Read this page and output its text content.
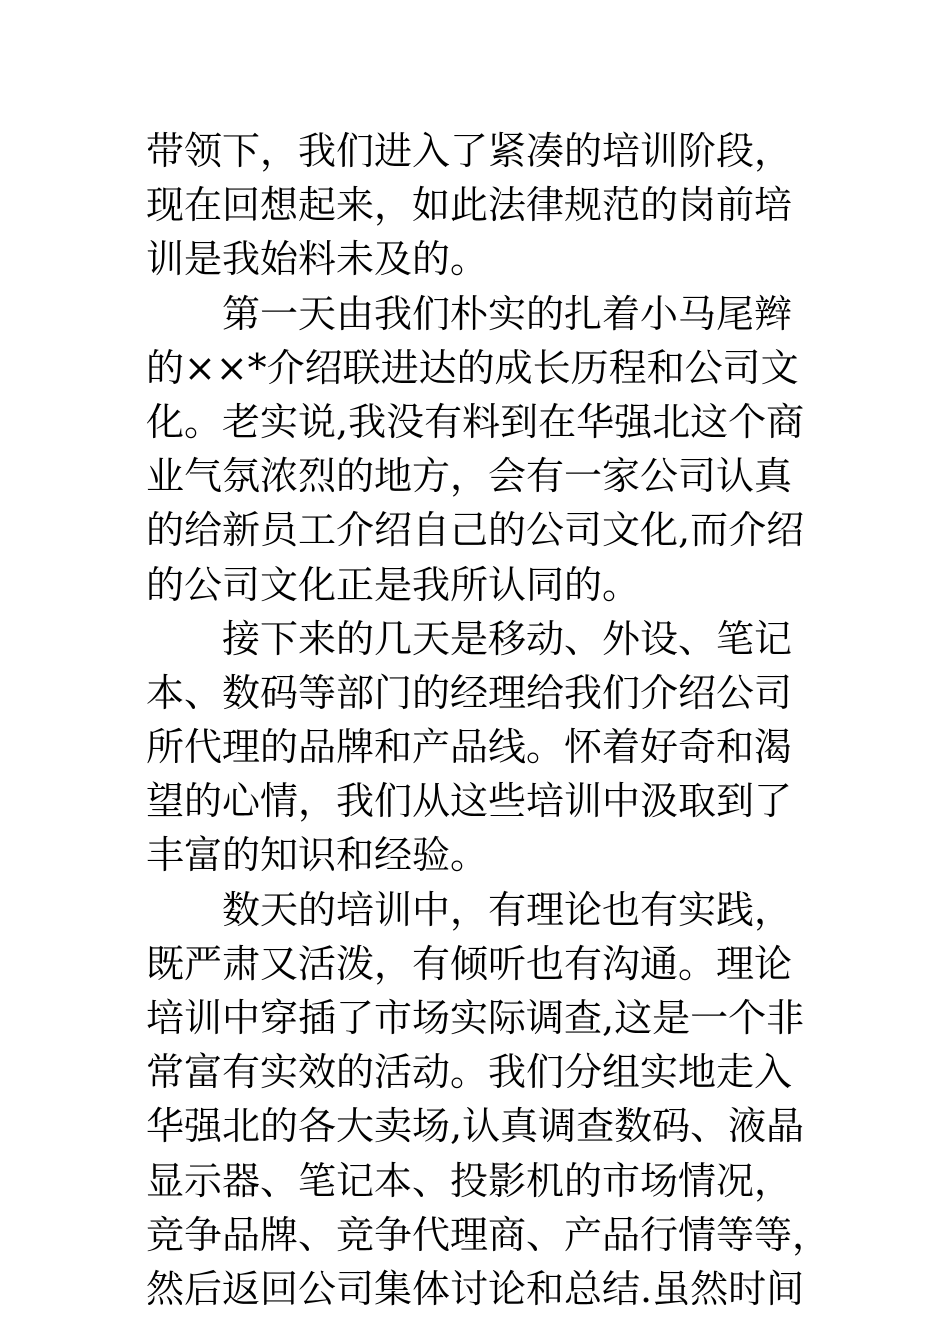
带领下，我们进入了紧凑的培训阶段，
现在回想起来，如此法律规范的岗前培
训是我始料未及的。
第一天由我们朴实的扎着小马尾辫
的××*介绍联进达的成长历程和公司文
化。老实说,我没有料到在华强北这个商
业气氛浓烈的地方，会有一家公司认真
的给新员工介绍自己的公司文化,而介绍
的公司文化正是我所认同的。
接下来的几天是移动、外设、笔记
本、数码等部门的经理给我们介绍公司
所代理的品牌和产品线。怀着好奇和渴
望的心情，我们从这些培训中汲取到了
丰富的知识和经验。
数天的培训中，有理论也有实践，
既严肃又活泼，有倾听也有沟通。理论
培训中穿插了市场实际调查,这是一个非
常富有实效的活动。我们分组实地走入
华强北的各大卖场,认真调查数码、液晶
显示器、笔记本、投影机的市场情况，
竞争品牌、竞争代理商、产品行情等等，
然后返回公司集体讨论和总结.虽然时间
